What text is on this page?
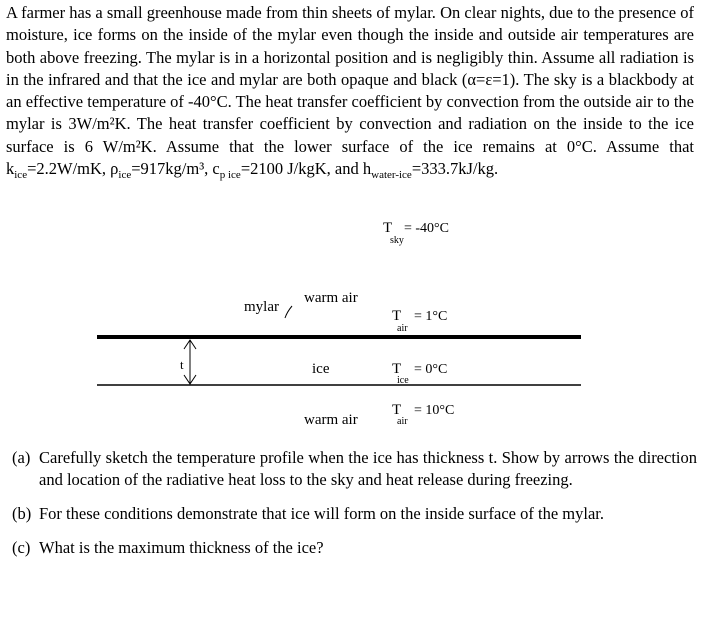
A farmer has a small greenhouse made from thin sheets of mylar. On clear nights, due to the presence of moisture, ice forms on the inside of the mylar even though the inside and outside air temperatures are both above freezing. The mylar is in a horizontal position and is negligibly thin. Assume all radiation is in the infrared and that the ice and mylar are both opaque and black (α=ε=1). The sky is a blackbody at an effective temperature of -40°C. The heat transfer coefficient by convection from the outside air to the mylar is 3W/m²K. The heat transfer coefficient by convection and radiation on the inside to the ice surface is 6 W/m²K. Assume that the lower surface of the ice remains at 0°C. Assume that $k_{ice}=2.2W/mK$, $\rho_{ice}=917kg/m^3$, $c_{p ice}=2100$ J/kgK, and $h_{water-ice}=333.7kJ/kg$.

T
sky
= -40°C
warm air
mylar
T
air
= 1°C
t	ice	T
ice
= 0°C
warm air
T
air
= 10°C

(a) Carefully sketch the temperature profile when the ice has thickness t. Show by arrows the direction and location of the radiative heat loss to the sky and heat release during freezing.

(b) For these conditions demonstrate that ice will form on the inside surface of the mylar.

(c) What is the maximum thickness of the ice?
